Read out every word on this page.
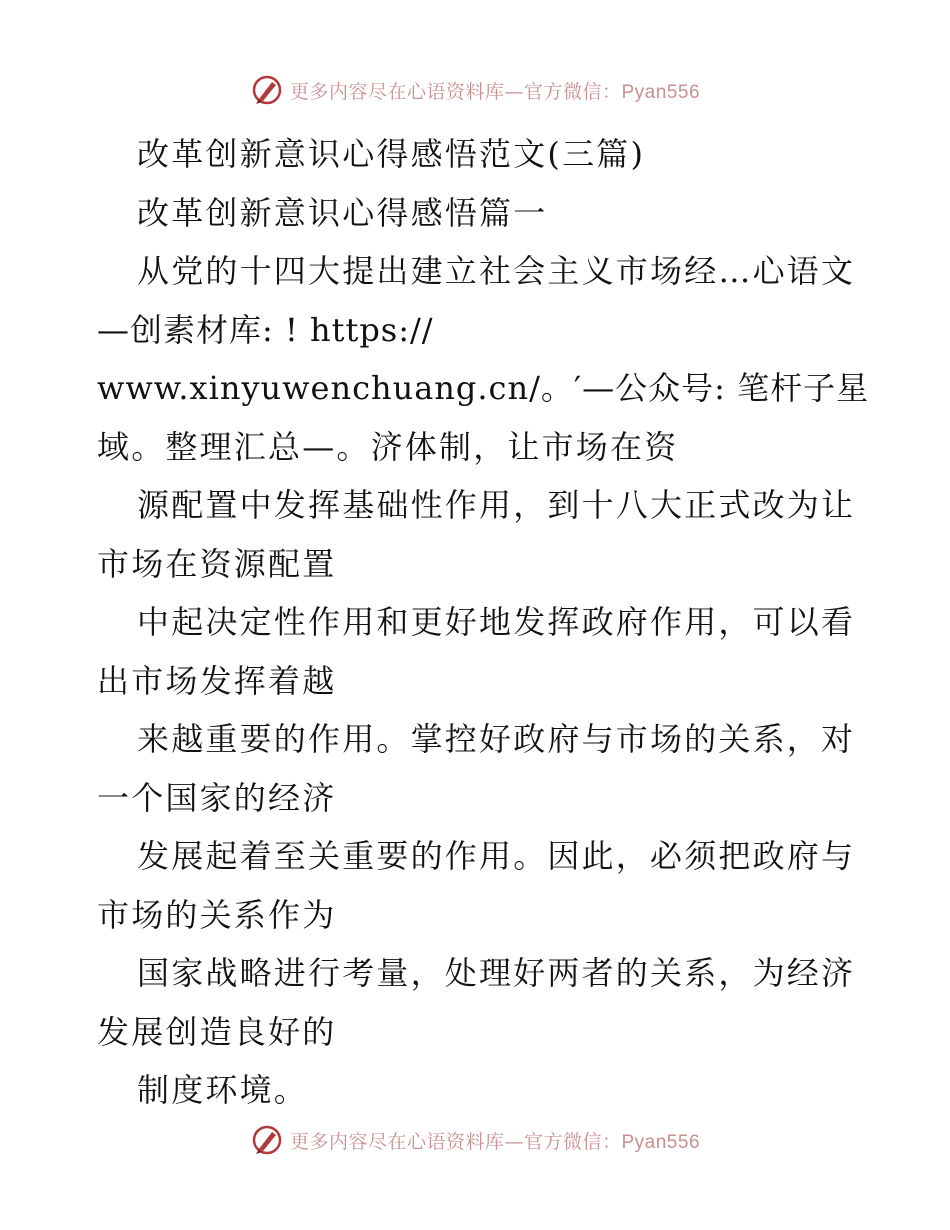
更多内容尽在心语资料库—官方微信：Pyan556
改革创新意识心得感悟范文(三篇)
改革创新意识心得感悟篇一
从党的十四大提出建立社会主义市场经…心语文
—创素材库: ! https://
www.xinyuwenchuang.cn/。′—公众号: 笔杆子星
域。整理汇总—。济体制，让市场在资
源配置中发挥基础性作用，到十八大正式改为让
市场在资源配置
中起决定性作用和更好地发挥政府作用，可以看
出市场发挥着越
来越重要的作用。掌控好政府与市场的关系，对
一个国家的经济
发展起着至关重要的作用。因此，必须把政府与
市场的关系作为
国家战略进行考量，处理好两者的关系，为经济
发展创造良好的
制度环境。
更多内容尽在心语资料库—官方微信：Pyan556
